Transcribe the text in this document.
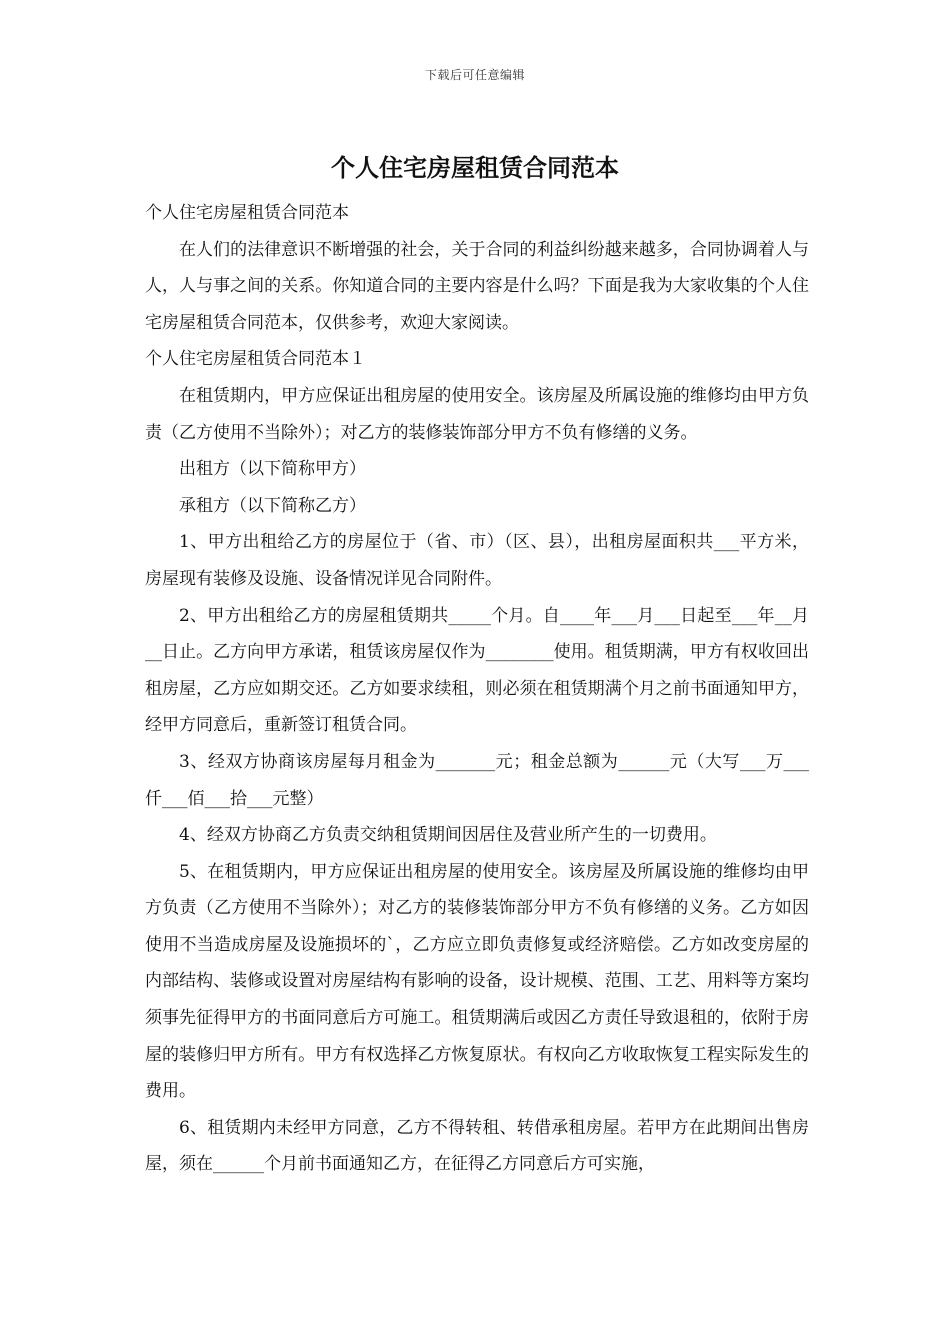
下载后可任意编辑
个人住宅房屋租赁合同范本

个人住宅房屋租赁合同范本

在人们的法律意识不断增强的社会，关于合同的利益纠纷越来越多，合同协调着人与人，人与事之间的关系。你知道合同的主要内容是什么吗？下面是我为大家收集的个人住宅房屋租赁合同范本，仅供参考，欢迎大家阅读。

个人住宅房屋租赁合同范本１

在租赁期内，甲方应保证出租房屋的使用安全。该房屋及所属设施的维修均由甲方负责（乙方使用不当除外）；对乙方的装修装饰部分甲方不负有修缮的义务。

出租方（以下简称甲方）

承租方（以下简称乙方）

1、甲方出租给乙方的房屋位于（省、市）（区、县），出租房屋面积共___平方米，房屋现有装修及设施、设备情况详见合同附件。

2、甲方出租给乙方的房屋租赁期共_____个月。自____年___月___日起至___年__月__日止。乙方向甲方承诺，租赁该房屋仅作为________使用。租赁期满，甲方有权收回出租房屋，乙方应如期交还。乙方如要求续租，则必须在租赁期满个月之前书面通知甲方，经甲方同意后，重新签订租赁合同。

3、经双方协商该房屋每月租金为_______元；租金总额为______元（大写___万___仟___佰___拾___元整）

4、经双方协商乙方负责交纳租赁期间因居住及营业所产生的一切费用。

5、在租赁期内，甲方应保证出租房屋的使用安全。该房屋及所属设施的维修均由甲方负责（乙方使用不当除外）；对乙方的装修装饰部分甲方不负有修缮的义务。乙方如因使用不当造成房屋及设施损坏的`，乙方应立即负责修复或经济赔偿。乙方如改变房屋的内部结构、装修或设置对房屋结构有影响的设备，设计规模、范围、工艺、用料等方案均须事先征得甲方的书面同意后方可施工。租赁期满后或因乙方责任导致退租的，依附于房屋的装修归甲方所有。甲方有权选择乙方恢复原状。有权向乙方收取恢复工程实际发生的费用。

6、租赁期内未经甲方同意，乙方不得转租、转借承租房屋。若甲方在此期间出售房屋，须在______个月前书面通知乙方，在征得乙方同意后方可实施，
